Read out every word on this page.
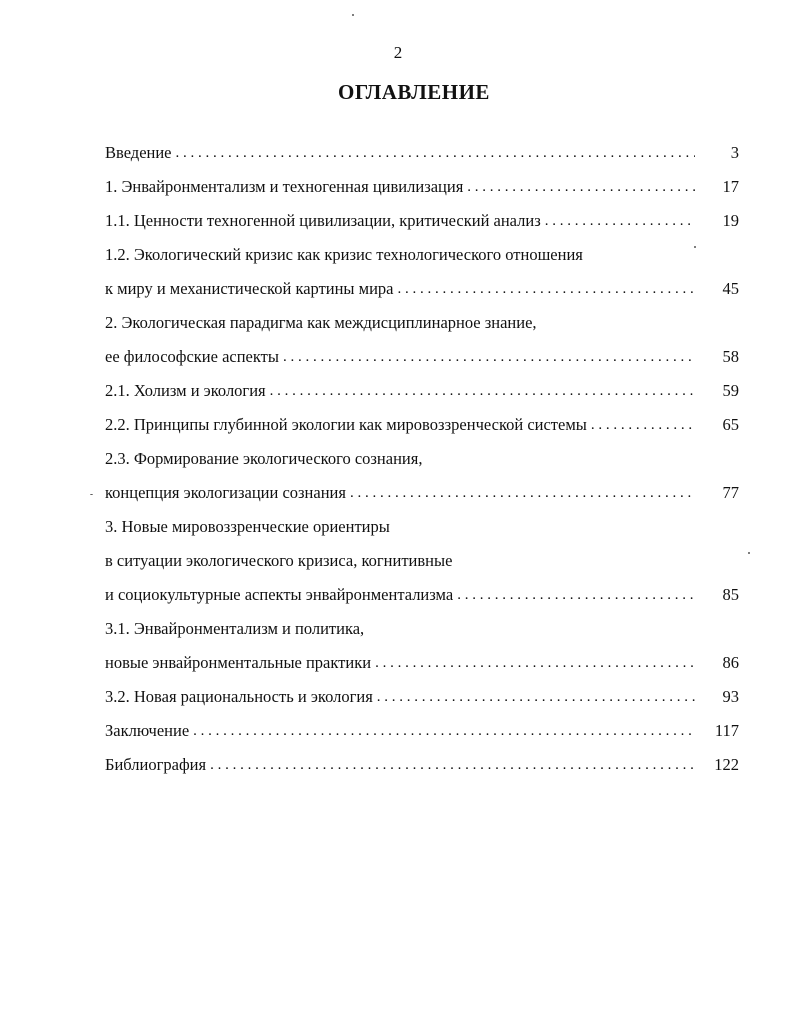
2
ОГЛАВЛЕНИЕ
Введение . . .	3
1. Энвайронментализм и техногенная цивилизация . . .	17
1.1. Ценности техногенной цивилизации, критический анализ . . .	19
1.2. Экологический кризис как кризис технологического отношения
к миру и механистической картины мира . . .	45
2. Экологическая парадигма как междисциплинарное знание,
ее философские аспекты . . .	58
2.1. Холизм и экология . . .	59
2.2. Принципы глубинной экологии как мировоззренческой системы . . .	65
2.3. Формирование экологического сознания,
концепция экологизации сознания . . .	77
3. Новые мировоззренческие ориентиры
в ситуации экологического кризиса, когнитивные
и социокультурные аспекты энвайронментализма . . .	85
3.1. Энвайронментализм и политика,
новые энвайронментальные практики . . .	86
3.2. Новая рациональность и экология . . .	93
Заключение . . .	117
Библиография . . .	122
